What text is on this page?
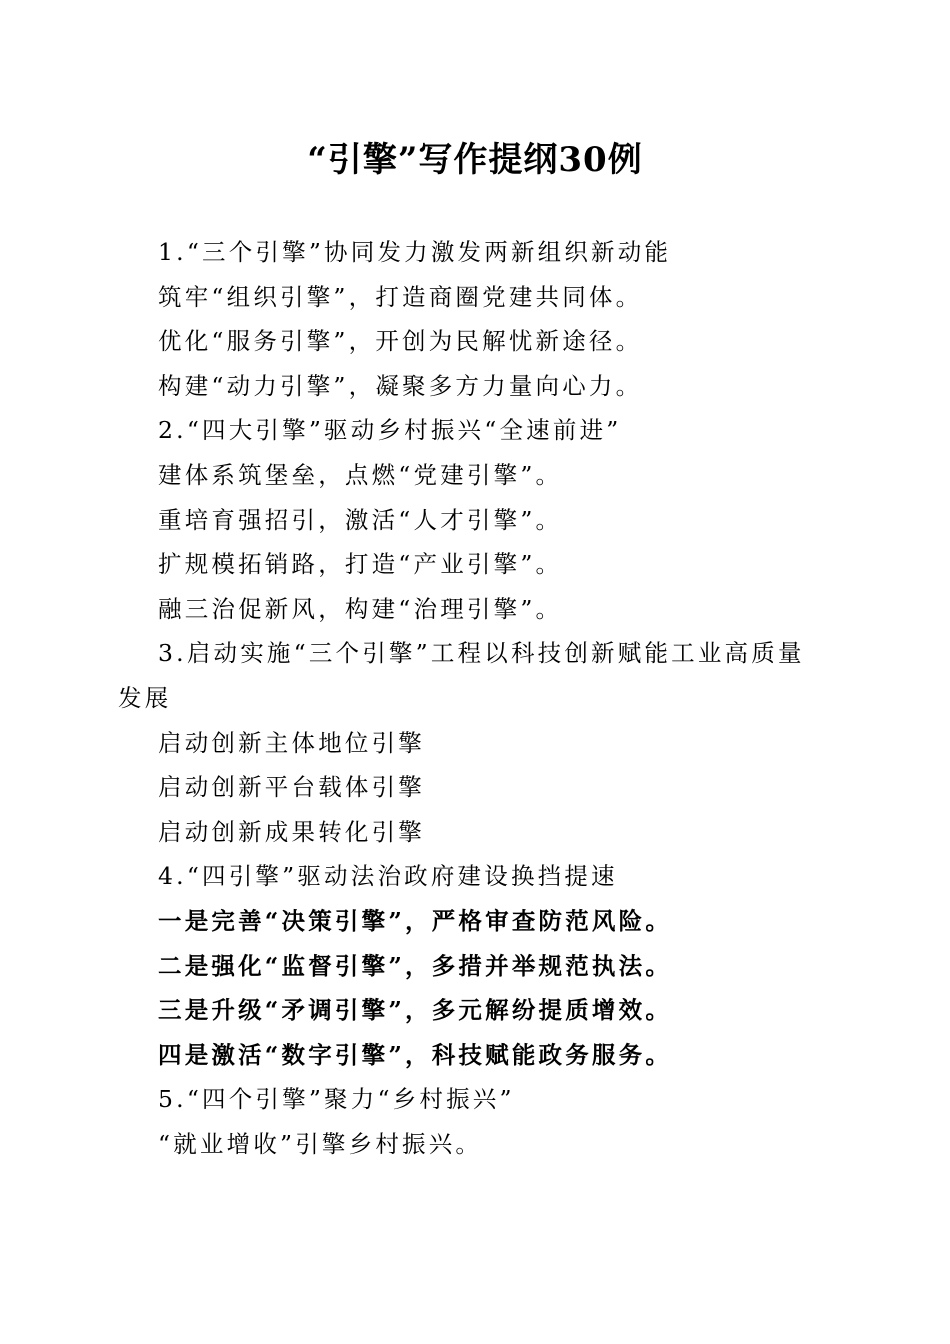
“引擎”写作提纲30例

1.“三个引擎”协同发力激发两新组织新动能

筑牢“组织引擎”，打造商圈党建共同体。

优化“服务引擎”，开创为民解忧新途径。

构建“动力引擎”，凝聚多方力量向心力。

2.“四大引擎”驱动乡村振兴“全速前进”

建体系筑堡垒，点燃“党建引擎”。

重培育强招引，激活“人才引擎”。

扩规模拓销路，打造“产业引擎”。

融三治促新风，构建“治理引擎”。

3.启动实施“三个引擎”工程以科技创新赋能工业高质量发展

启动创新主体地位引擎

启动创新平台载体引擎

启动创新成果转化引擎

4.“四引擎”驱动法治政府建设换挡提速

一是完善“决策引擎”，严格审查防范风险。

二是强化“监督引擎”，多措并举规范执法。

三是升级“矛调引擎”，多元解纷提质增效。

四是激活“数字引擎”，科技赋能政务服务。

5.“四个引擎”聚力“乡村振兴”

“就业增收”引擎乡村振兴。
